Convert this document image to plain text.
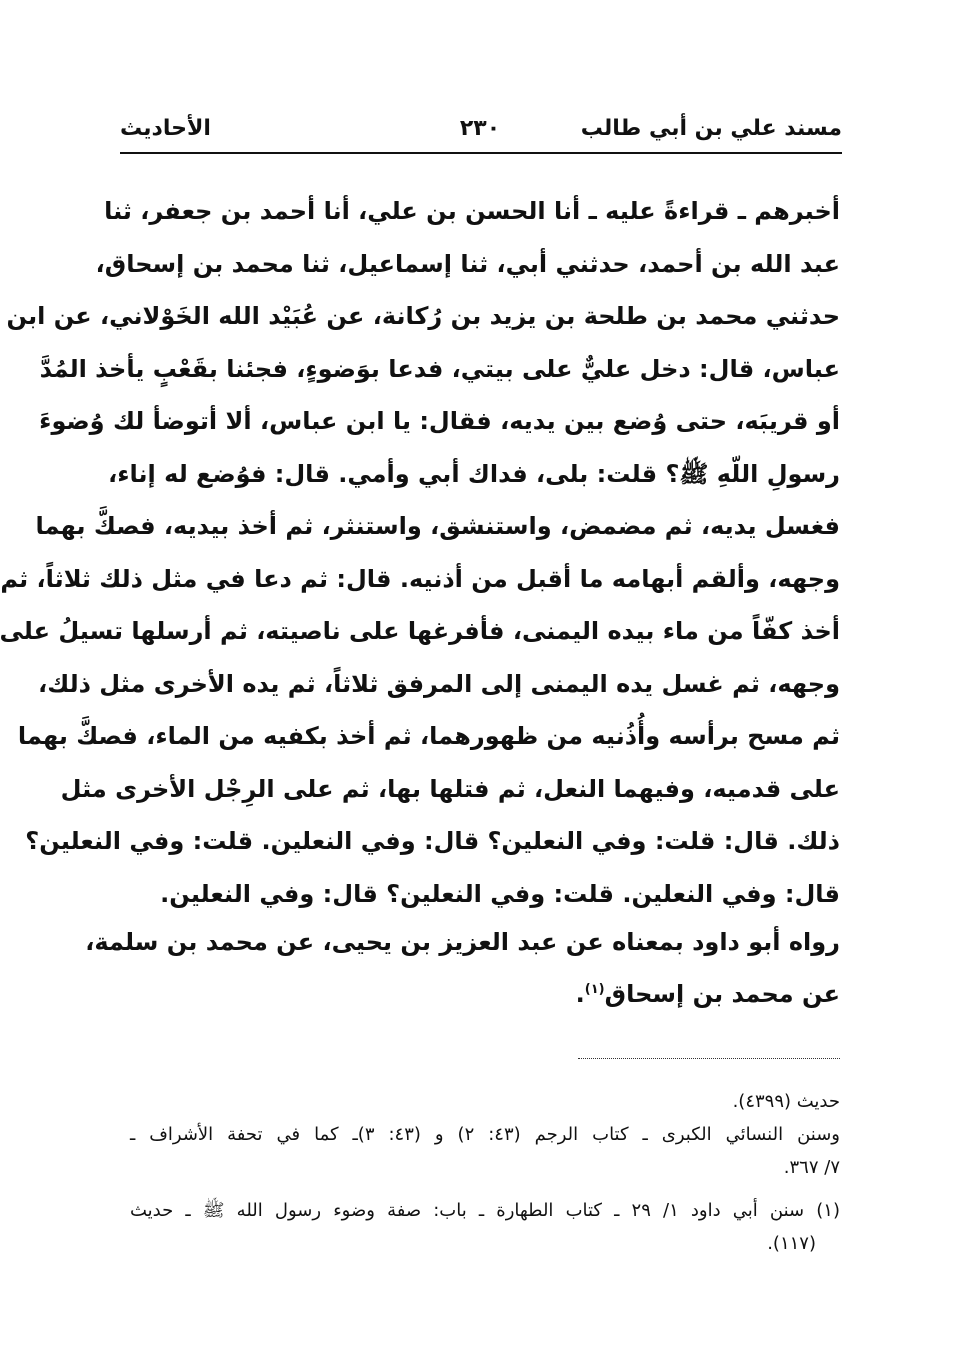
مسند علي بن أبي طالب
٢٣٠
الأحاديث
أخبرهم ـ قراءةً عليه ـ أنا الحسن بن علي، أنا أحمد بن جعفر، ثنا
عبد الله بن أحمد، حدثني أبي، ثنا إسماعيل، ثنا محمد بن إسحاق،
حدثني محمد بن طلحة بن يزيد بن رُكانة، عن عُبَيْد الله الخَوْلاني، عن ابن
عباس، قال: دخل عليٌّ على بيتي، فدعا بوَضوءٍ، فجئنا بقَعْبٍ يأخذ المُدَّ
أو قريبَه، حتى وُضع بين يديه، فقال: يا ابن عباس، ألا أتوضأ لك وُضوءَ
رسولِ اللّهِ ﷺ؟ قلت: بلى، فداك أبي وأمي. قال: فوُضع له إناء،
فغسل يديه، ثم مضمض، واستنشق، واستنثر، ثم أخذ بيديه، فصكَّ بهما
وجهه، وألقم أبهامه ما أقبل من أذنيه. قال: ثم دعا في مثل ذلك ثلاثاً، ثم
أخذ كفّاً من ماء بيده اليمنى، فأفرغها على ناصيته، ثم أرسلها تسيلُ على
وجهه، ثم غسل يده اليمنى إلى المرفق ثلاثاً، ثم يده الأخرى مثل ذلك،
ثم مسح برأسه وأُذُنيه من ظهورهما، ثم أخذ بكفيه من الماء، فصكَّ بهما
على قدميه، وفيهما النعل، ثم فتلها بها، ثم على الرِجْل الأخرى مثل
ذلك. قال: قلت: وفي النعلين؟ قال: وفي النعلين. قلت: وفي النعلين؟
قال: وفي النعلين. قلت: وفي النعلين؟ قال: وفي النعلين.
رواه أبو داود بمعناه عن عبد العزيز بن يحيى، عن محمد بن سلمة،
عن محمد بن إسحاق$^{(١)}$.
حديث (٤٣٩٩).
وسنن النسائي الكبرى ـ كتاب الرجم (٤٣: ٢) و (٤٣: ٣)ـ كما في تحفة الأشراف ـ
٧/ ٣٦٧.
(١) سنن أبي داود ١/ ٢٩ ـ كتاب الطهارة ـ باب: صفة وضوء رسول الله ﷺ ـ حديث
(١١٧).
